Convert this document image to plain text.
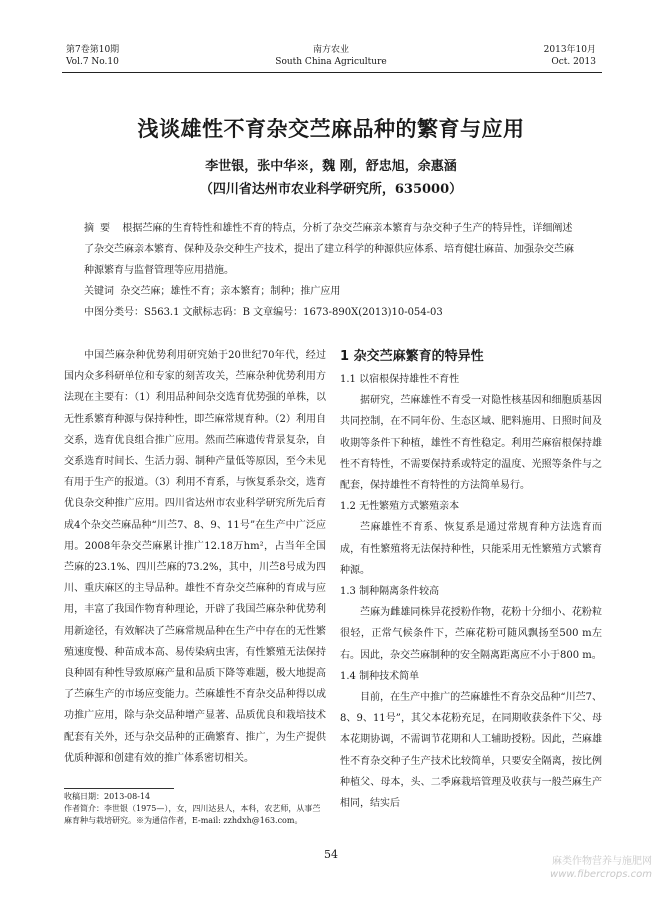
第7卷第10期
Vol.7 No.10
南方农业
South China Agriculture
2013年10月
Oct. 2013
浅谈雄性不育杂交苎麻品种的繁育与应用
李世银，张中华※，魏 刚，舒忠旭，余惠涵
（四川省达州市农业科学研究所，635000）
摘要 根据苎麻的生育特性和雄性不育的特点，分析了杂交苎麻亲本繁育与杂交种子生产的特异性，详细阐述了杂交苎麻亲本繁育、保种及杂交种生产技术，提出了建立科学的种源供应体系、培育健壮麻苗、加强杂交苎麻种源繁育与监督管理等应用措施。
关键词 杂交苎麻；雄性不育；亲本繁育；制种；推广应用
中图分类号：S563.1 文献标志码：B 文章编号：1673-890X(2013)10-054-03

中国苎麻杂种优势利用研究始于20世纪70年代，经过国内众多科研单位和专家的刻苦攻关，苎麻杂种优势利用方法现在主要有：（1）利用品种间杂交选育优势强的单株，以无性系繁育种源与保持种性，即苎麻常规育种。（2）利用自交系，选育优良组合推广应用。然而苎麻遗传背景复杂，自交系选育时间长、生活力弱、制种产量低等原因，至今未见有用于生产的报道。（3）利用不育系，与恢复系杂交，选育优良杂交种推广应用。四川省达州市农业科学研究所先后育成4个杂交苎麻品种“川苎7、8、9、11号”在生产中广泛应用。2008年杂交苎麻累计推广12.18万hm²，占当年全国苎麻的23.1%、四川苎麻的73.2%，其中，川苎8号成为四川、重庆麻区的主导品种。雄性不育杂交苎麻种的育成与应用，丰富了我国作物育种理论，开辟了我国苎麻杂种优势利用新途径，有效解决了苎麻常规品种在生产中存在的无性繁殖速度慢、种苗成本高、易传染病虫害，有性繁殖无法保持良种固有种性导致原麻产量和品质下降等难题，极大地提高了苎麻生产的市场应变能力。苎麻雄性不育杂交品种得以成功推广应用，除与杂交品种增产显著、品质优良和栽培技术配套有关外，还与杂交品种的正确繁育、推广，为生产提供优质种源和创建有效的推广体系密切相关。

收稿日期：2013-08-14
作者简介：李世银（1975—），女，四川达县人，本科，农艺师，从事苎麻育种与栽培研究。※为通信作者，E-mail: zzhdxh@163.com。

1 杂交苎麻繁育的特异性

1.1 以宿根保持雄性不育性

据研究，苎麻雄性不育受一对隐性核基因和细胞质基因共同控制，在不同年份、生态区域、肥料施用、日照时间及收期等条件下种植，雄性不育性稳定。利用苎麻宿根保持雄性不育特性，不需要保持系或特定的温度、光照等条件与之配套，保持雄性不育特性的方法简单易行。

1.2 无性繁殖方式繁殖亲本

苎麻雄性不育系、恢复系是通过常规育种方法选育而成，有性繁殖将无法保持种性，只能采用无性繁殖方式繁育种源。

1.3 制种隔离条件较高

苎麻为雌雄同株异花授粉作物，花粉十分细小、花粉粒很轻，正常气候条件下，苎麻花粉可随风飘扬至500 m左右。因此，杂交苎麻制种的安全隔离距离应不小于800 m。

1.4 制种技术简单

目前，在生产中推广的苎麻雄性不育杂交品种“川苎7、8、9、11号”，其父本花粉充足，在同期收获条件下父、母本花期协调，不需调节花期和人工辅助授粉。因此，苎麻雄性不育杂交种子生产技术比较简单，只要安全隔离，按比例种植父、母本，头、二季麻栽培管理及收获与一般苎麻生产相同，结实后

54
麻类作物营养与施肥网
www.fibercrops.com
